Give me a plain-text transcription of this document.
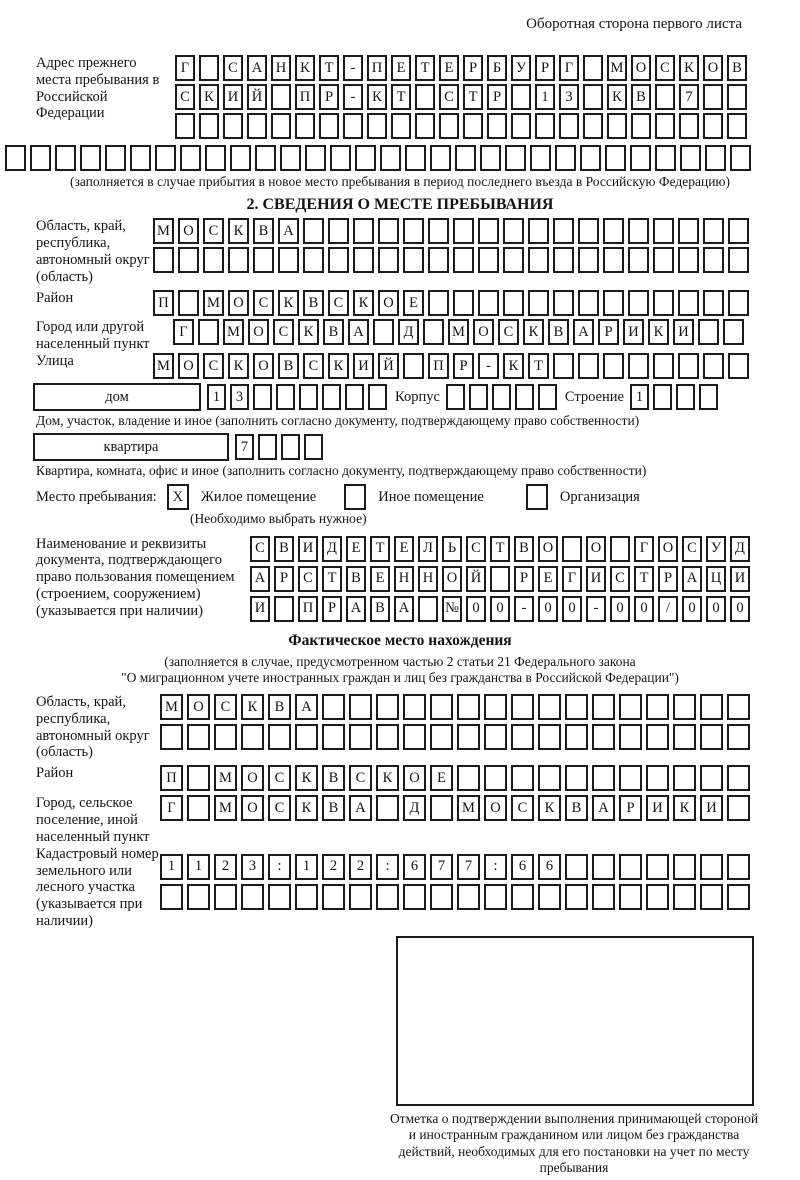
Оборотная сторона первого листа
Адрес прежнего места пребывания в Российской Федерации
Г	С А Н К	Т	-	П Е	Т	Е	Р	Б	У	Р	Г	М О С К О В
С К И Й	П	Р	-	К	Т	С	Т	Р	1	3	К В	7
(заполняется в случае прибытия в новое место пребывания в период последнего въезда в Российскую Федерацию)
2. СВЕДЕНИЯ О МЕСТЕ ПРЕБЫВАНИЯ
Область, край, республика, автономный округ (область)
М О	С	К	В	А
Район	П	М О	С	К	В	С	К	О	Е
Город или другой населенный пункт
Г	М О	С	К	В	А	Д	М О	С	К	В	А	Р	И	К	И
Улица	М О	С	К	О	В	С	К	И	Й	П	Р	-	К	Т
дом	1	3	Корпус	Строение 1
Дом, участок, владение и иное (заполнить согласно документу, подтверждающему право собственности)
квартира	7
Квартира, комната, офис и иное (заполнить согласно документу, подтверждающему право собственности)
Место пребывания:	X	Жилое помещение	Иное помещение	Организация
(Необходимо выбрать нужное)
Наименование и реквизиты документа, подтверждающего право пользования помещением (строением, сооружением) (указывается при наличии)
С В И Д	Е	Т	Е	Л	Ь	С	Т	В О	О	Г	О С У Д
А	Р	С	Т	В	Е Н Н О Й	Р	Е	Г	И С	Т	Р	А Ц И
И	П	Р	А В А	№ 0	0	-	0	0	-	0	0	/	0	0	0
Фактическое место нахождения
(заполняется в случае, предусмотренном частью 2 статьи 21 Федерального закона
"О миграционном учете иностранных граждан и лиц без гражданства в Российской Федерации")
Область, край, республика, автономный округ (область)
М	О	С	К	В	А
Район	П	М	О	С	К	В	С	К	О	Е
Город, сельское поселение, иной населенный пункт
Г	М	О	С	К	В	А	Д	М	О	С	К	В	А	Р	И	К	И
Кадастровый номер земельного или лесного участка (указывается при наличии)
1	1	2	3	:	1	2	2	:	6	7	7	:	6	6
Отметка о подтверждении выполнения принимающей стороной и иностранным гражданином или лицом без гражданства действий, необходимых для его постановки на учет по месту пребывания
